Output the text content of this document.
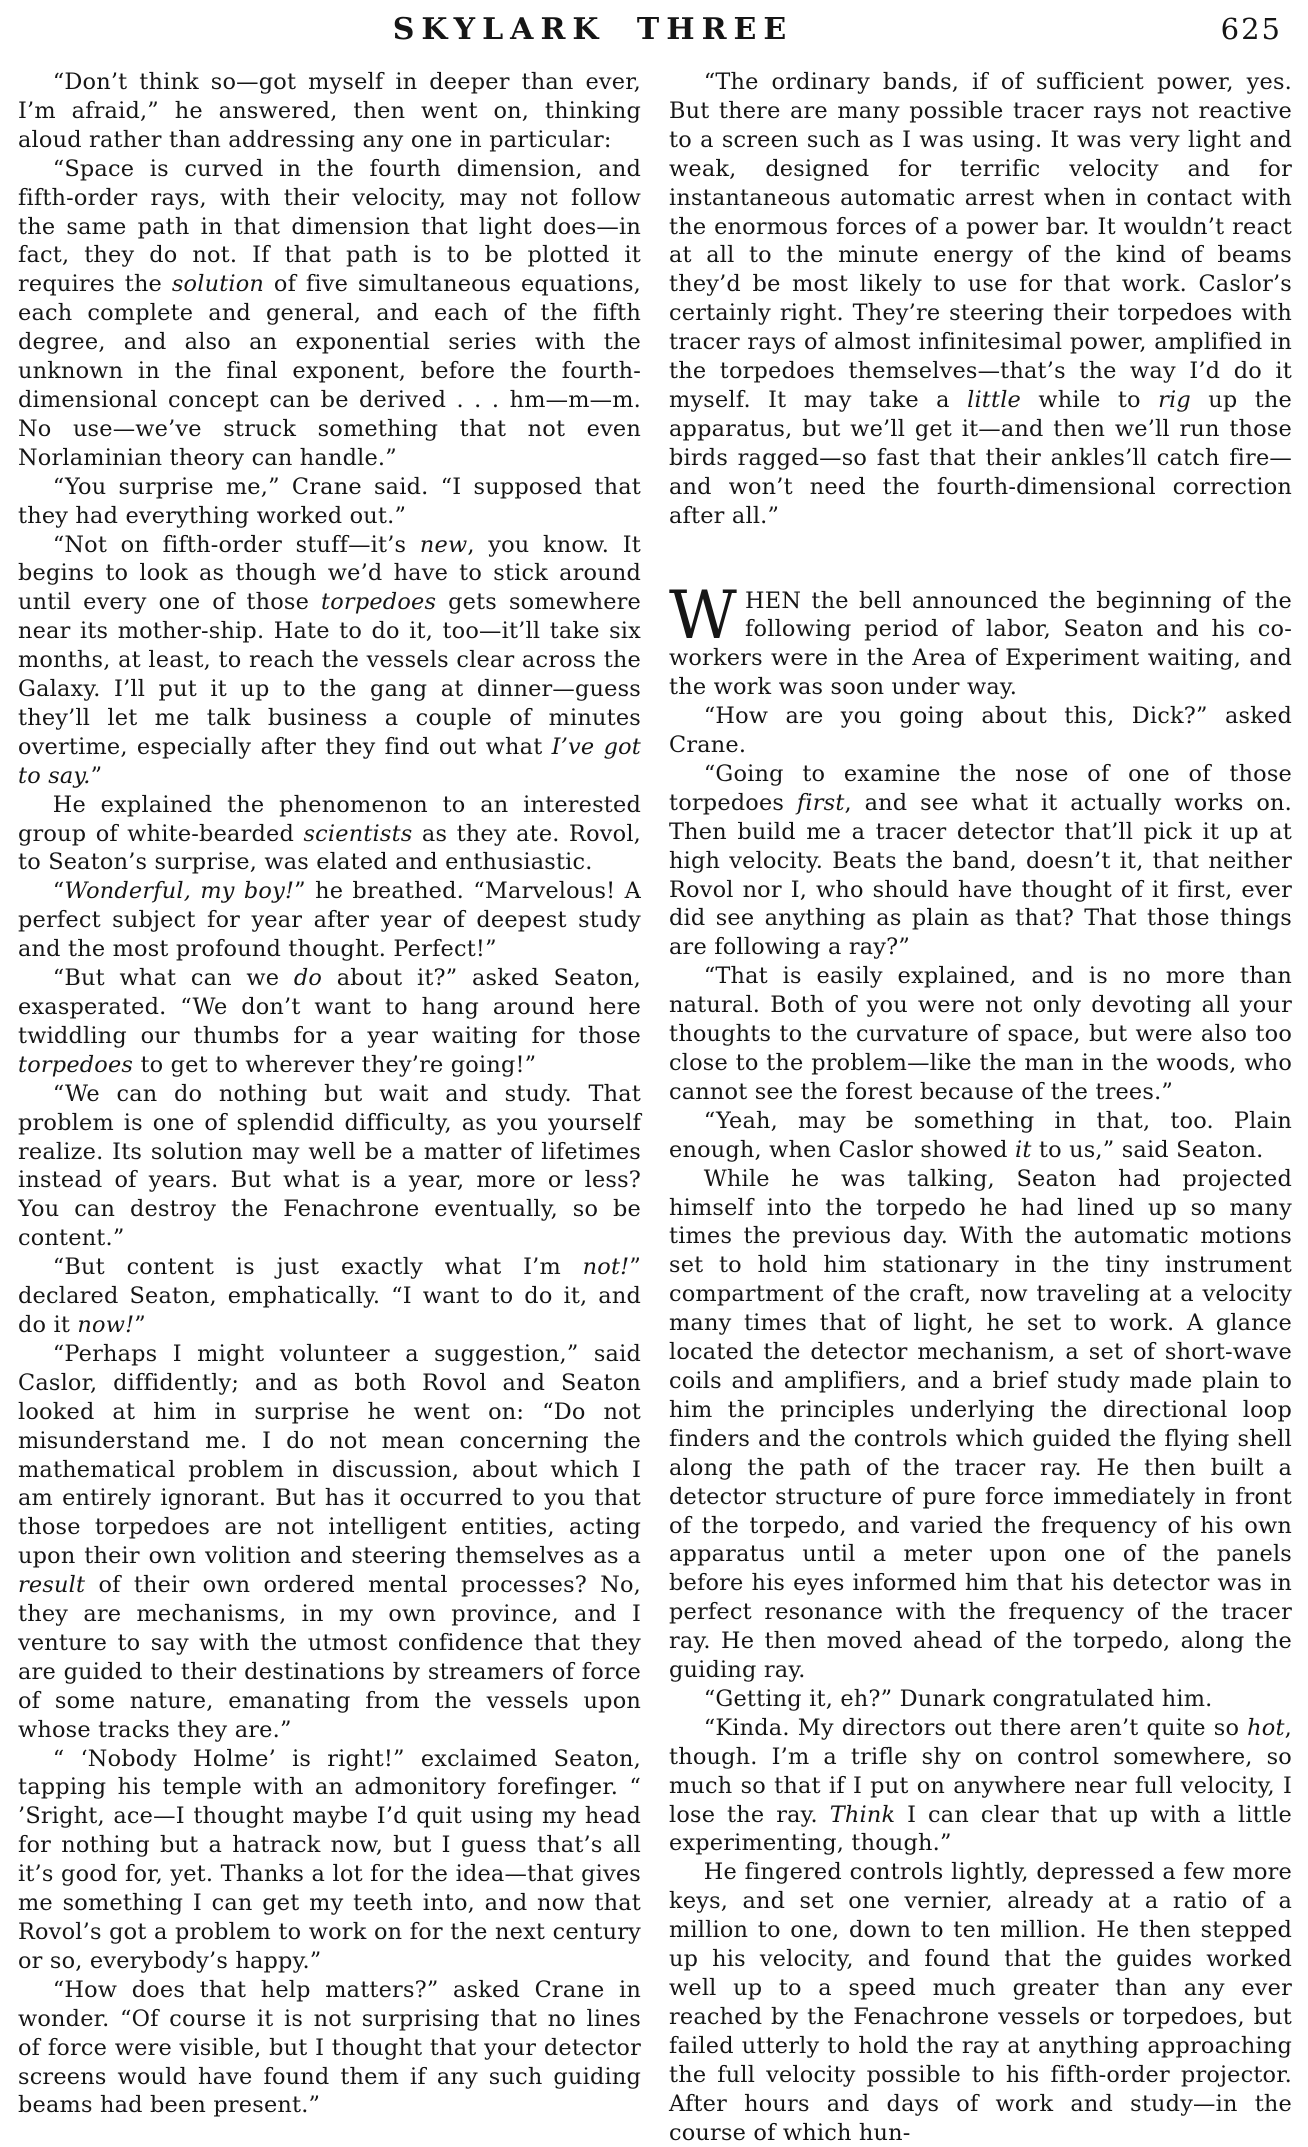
SKYLARK THREE	625

“Don’t think so—got myself in deeper than ever, I’m afraid,” he answered, then went on, thinking aloud rather than addressing any one in particular:

“Space is curved in the fourth dimension, and fifth-order rays, with their velocity, may not follow the same path in that dimension that light does—in fact, they do not. If that path is to be plotted it requires the solution of five simultaneous equations, each complete and general, and each of the fifth degree, and also an exponential series with the unknown in the final exponent, before the fourth-dimensional concept can be derived . . . hm—m—m. No use—we’ve struck something that not even Norlaminian theory can handle.”

“You surprise me,” Crane said. “I supposed that they had everything worked out.”

“Not on fifth-order stuff—it’s new, you know. It begins to look as though we’d have to stick around until every one of those torpedoes gets somewhere near its mother-ship. Hate to do it, too—it’ll take six months, at least, to reach the vessels clear across the Galaxy. I’ll put it up to the gang at dinner—guess they’ll let me talk business a couple of minutes overtime, especially after they find out what I’ve got to say.”

He explained the phenomenon to an interested group of white-bearded scientists as they ate. Rovol, to Seaton’s surprise, was elated and enthusiastic.

“Wonderful, my boy!” he breathed. “Marvelous! A perfect subject for year after year of deepest study and the most profound thought. Perfect!”

“But what can we do about it?” asked Seaton, exasperated. “We don’t want to hang around here twiddling our thumbs for a year waiting for those torpedoes to get to wherever they’re going!”

“We can do nothing but wait and study. That problem is one of splendid difficulty, as you yourself realize. Its solution may well be a matter of lifetimes instead of years. But what is a year, more or less? You can destroy the Fenachrone eventually, so be content.”

“But content is just exactly what I’m not!” declared Seaton, emphatically. “I want to do it, and do it now!”

“Perhaps I might volunteer a suggestion,” said Caslor, diffidently; and as both Rovol and Seaton looked at him in surprise he went on: “Do not misunderstand me. I do not mean concerning the mathematical problem in discussion, about which I am entirely ignorant. But has it occurred to you that those torpedoes are not intelligent entities, acting upon their own volition and steering themselves as a result of their own ordered mental processes? No, they are mechanisms, in my own province, and I venture to say with the utmost confidence that they are guided to their destinations by streamers of force of some nature, emanating from the vessels upon whose tracks they are.”

“ ‘Nobody Holme’ is right!” exclaimed Seaton, tapping his temple with an admonitory forefinger. “ ’Sright, ace—I thought maybe I’d quit using my head for nothing but a hatrack now, but I guess that’s all it’s good for, yet. Thanks a lot for the idea—that gives me something I can get my teeth into, and now that Rovol’s got a problem to work on for the next century or so, everybody’s happy.”

“How does that help matters?” asked Crane in wonder. “Of course it is not surprising that no lines of force were visible, but I thought that your detector screens would have found them if any such guiding beams had been present.”

“The ordinary bands, if of sufficient power, yes. But there are many possible tracer rays not reactive to a screen such as I was using. It was very light and weak, designed for terrific velocity and for instantaneous automatic arrest when in contact with the enormous forces of a power bar. It wouldn’t react at all to the minute energy of the kind of beams they’d be most likely to use for that work. Caslor’s certainly right. They’re steering their torpedoes with tracer rays of almost infinitesimal power, amplified in the torpedoes themselves—that’s the way I’d do it myself. It may take a little while to rig up the apparatus, but we’ll get it—and then we’ll run those birds ragged—so fast that their ankles’ll catch fire—and won’t need the fourth-dimensional correction after all.”

WHEN the bell announced the beginning of the following period of labor, Seaton and his co-workers were in the Area of Experiment waiting, and the work was soon under way.

“How are you going about this, Dick?” asked Crane.

“Going to examine the nose of one of those torpedoes first, and see what it actually works on. Then build me a tracer detector that’ll pick it up at high velocity. Beats the band, doesn’t it, that neither Rovol nor I, who should have thought of it first, ever did see anything as plain as that? That those things are following a ray?”

“That is easily explained, and is no more than natural. Both of you were not only devoting all your thoughts to the curvature of space, but were also too close to the problem—like the man in the woods, who cannot see the forest because of the trees.”

“Yeah, may be something in that, too. Plain enough, when Caslor showed it to us,” said Seaton.

While he was talking, Seaton had projected himself into the torpedo he had lined up so many times the previous day. With the automatic motions set to hold him stationary in the tiny instrument compartment of the craft, now traveling at a velocity many times that of light, he set to work. A glance located the detector mechanism, a set of short-wave coils and amplifiers, and a brief study made plain to him the principles underlying the directional loop finders and the controls which guided the flying shell along the path of the tracer ray. He then built a detector structure of pure force immediately in front of the torpedo, and varied the frequency of his own apparatus until a meter upon one of the panels before his eyes informed him that his detector was in perfect resonance with the frequency of the tracer ray. He then moved ahead of the torpedo, along the guiding ray.

“Getting it, eh?” Dunark congratulated him.

“Kinda. My directors out there aren’t quite so hot, though. I’m a trifle shy on control somewhere, so much so that if I put on anywhere near full velocity, I lose the ray. Think I can clear that up with a little experimenting, though.”

He fingered controls lightly, depressed a few more keys, and set one vernier, already at a ratio of a million to one, down to ten million. He then stepped up his velocity, and found that the guides worked well up to a speed much greater than any ever reached by the Fenachrone vessels or torpedoes, but failed utterly to hold the ray at anything approaching the full velocity possible to his fifth-order projector. After hours and days of work and study—in the course of which hun-
